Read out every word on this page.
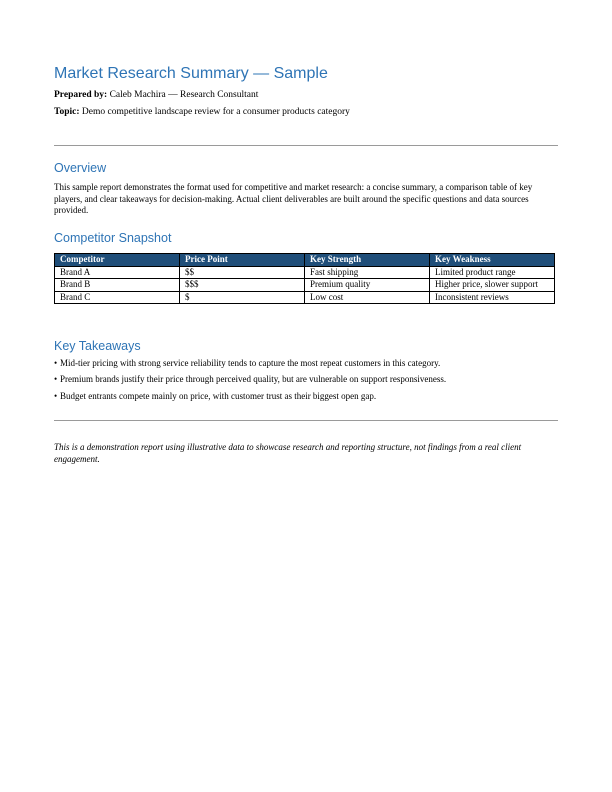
Market Research Summary — Sample
Prepared by: Caleb Machira — Research Consultant
Topic: Demo competitive landscape review for a consumer products category
Overview

This sample report demonstrates the format used for competitive and market research: a concise summary, a comparison table of key players, and clear takeaways for decision-making. Actual client deliverables are built around the specific questions and data sources provided.

Competitor Snapshot
Competitor	Price Point	Key Strength	Key Weakness
Brand A	$$	Fast shipping	Limited product range
Brand B	$$$	Premium quality	Higher price, slower support
Brand C	$	Low cost	Inconsistent reviews
Key Takeaways
• Mid-tier pricing with strong service reliability tends to capture the most repeat customers in this category.
• Premium brands justify their price through perceived quality, but are vulnerable on support responsiveness.
• Budget entrants compete mainly on price, with customer trust as their biggest open gap.

This is a demonstration report using illustrative data to showcase research and reporting structure, not findings from a real client engagement.
